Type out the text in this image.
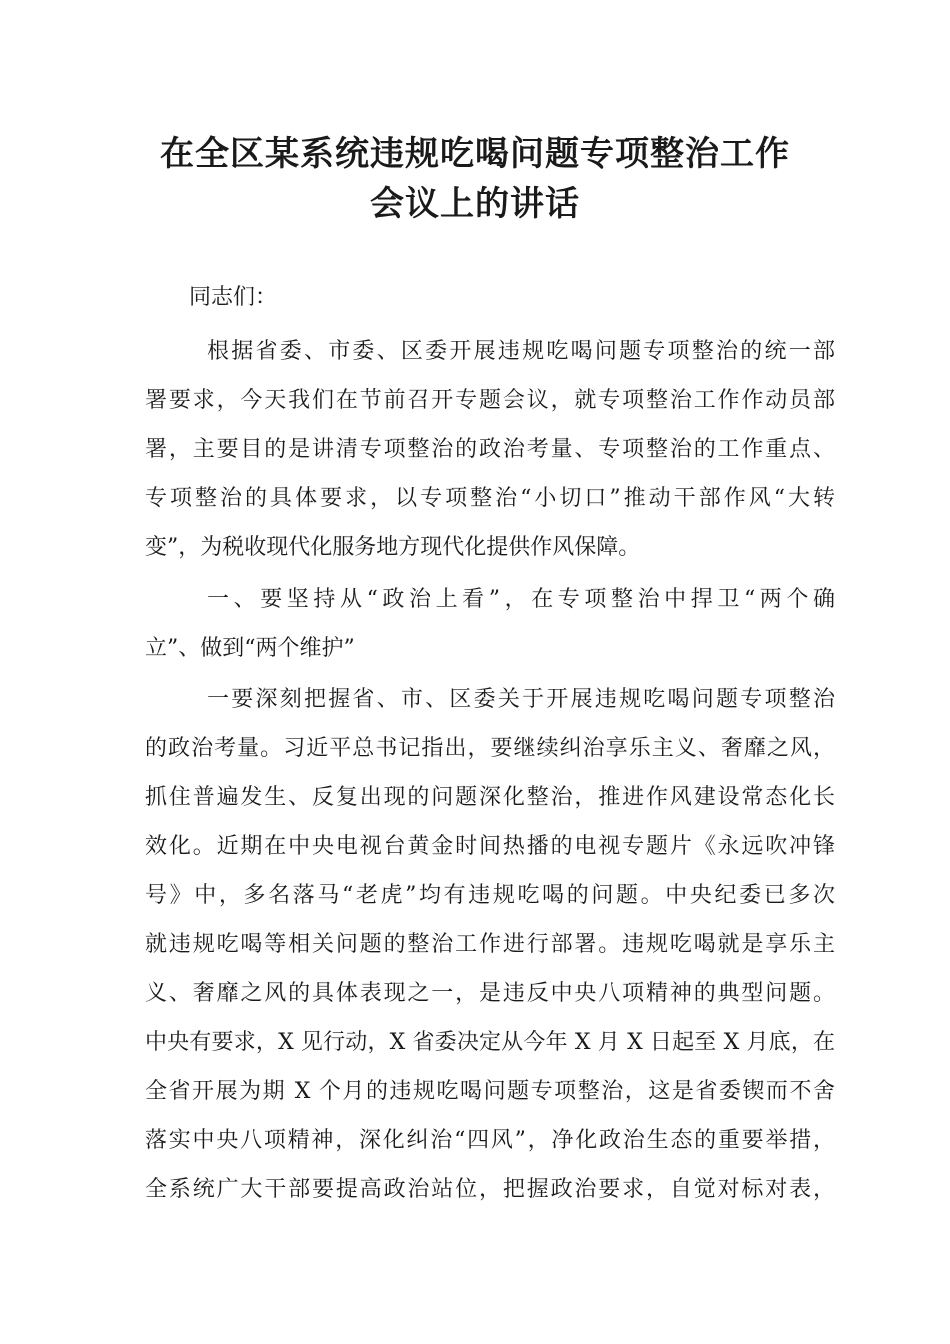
在全区某系统违规吃喝问题专项整治工作
会议上的讲话
同志们：
根据省委、市委、区委开展违规吃喝问题专项整治的统一部
署要求，今天我们在节前召开专题会议，就专项整治工作作动员部
署，主要目的是讲清专项整治的政治考量、专项整治的工作重点、
专项整治的具体要求，以专项整治“小切口”推动干部作风“大转
变”，为税收现代化服务地方现代化提供作风保障。
一、要坚持从“政治上看”，在专项整治中捍卫“两个确
立”、做到“两个维护”
一要深刻把握省、市、区委关于开展违规吃喝问题专项整治
的政治考量。习近平总书记指出，要继续纠治享乐主义、奢靡之风，
抓住普遍发生、反复出现的问题深化整治，推进作风建设常态化长
效化。近期在中央电视台黄金时间热播的电视专题片《永远吹冲锋
号》中，多名落马“老虎”均有违规吃喝的问题。中央纪委已多次
就违规吃喝等相关问题的整治工作进行部署。违规吃喝就是享乐主
义、奢靡之风的具体表现之一，是违反中央八项精神的典型问题。
中央有要求，X 见行动，X 省委决定从今年 X 月 X 日起至 X 月底，在
全省开展为期 X 个月的违规吃喝问题专项整治，这是省委锲而不舍
落实中央八项精神，深化纠治“四风”，净化政治生态的重要举措，
全系统广大干部要提高政治站位，把握政治要求，自觉对标对表，
